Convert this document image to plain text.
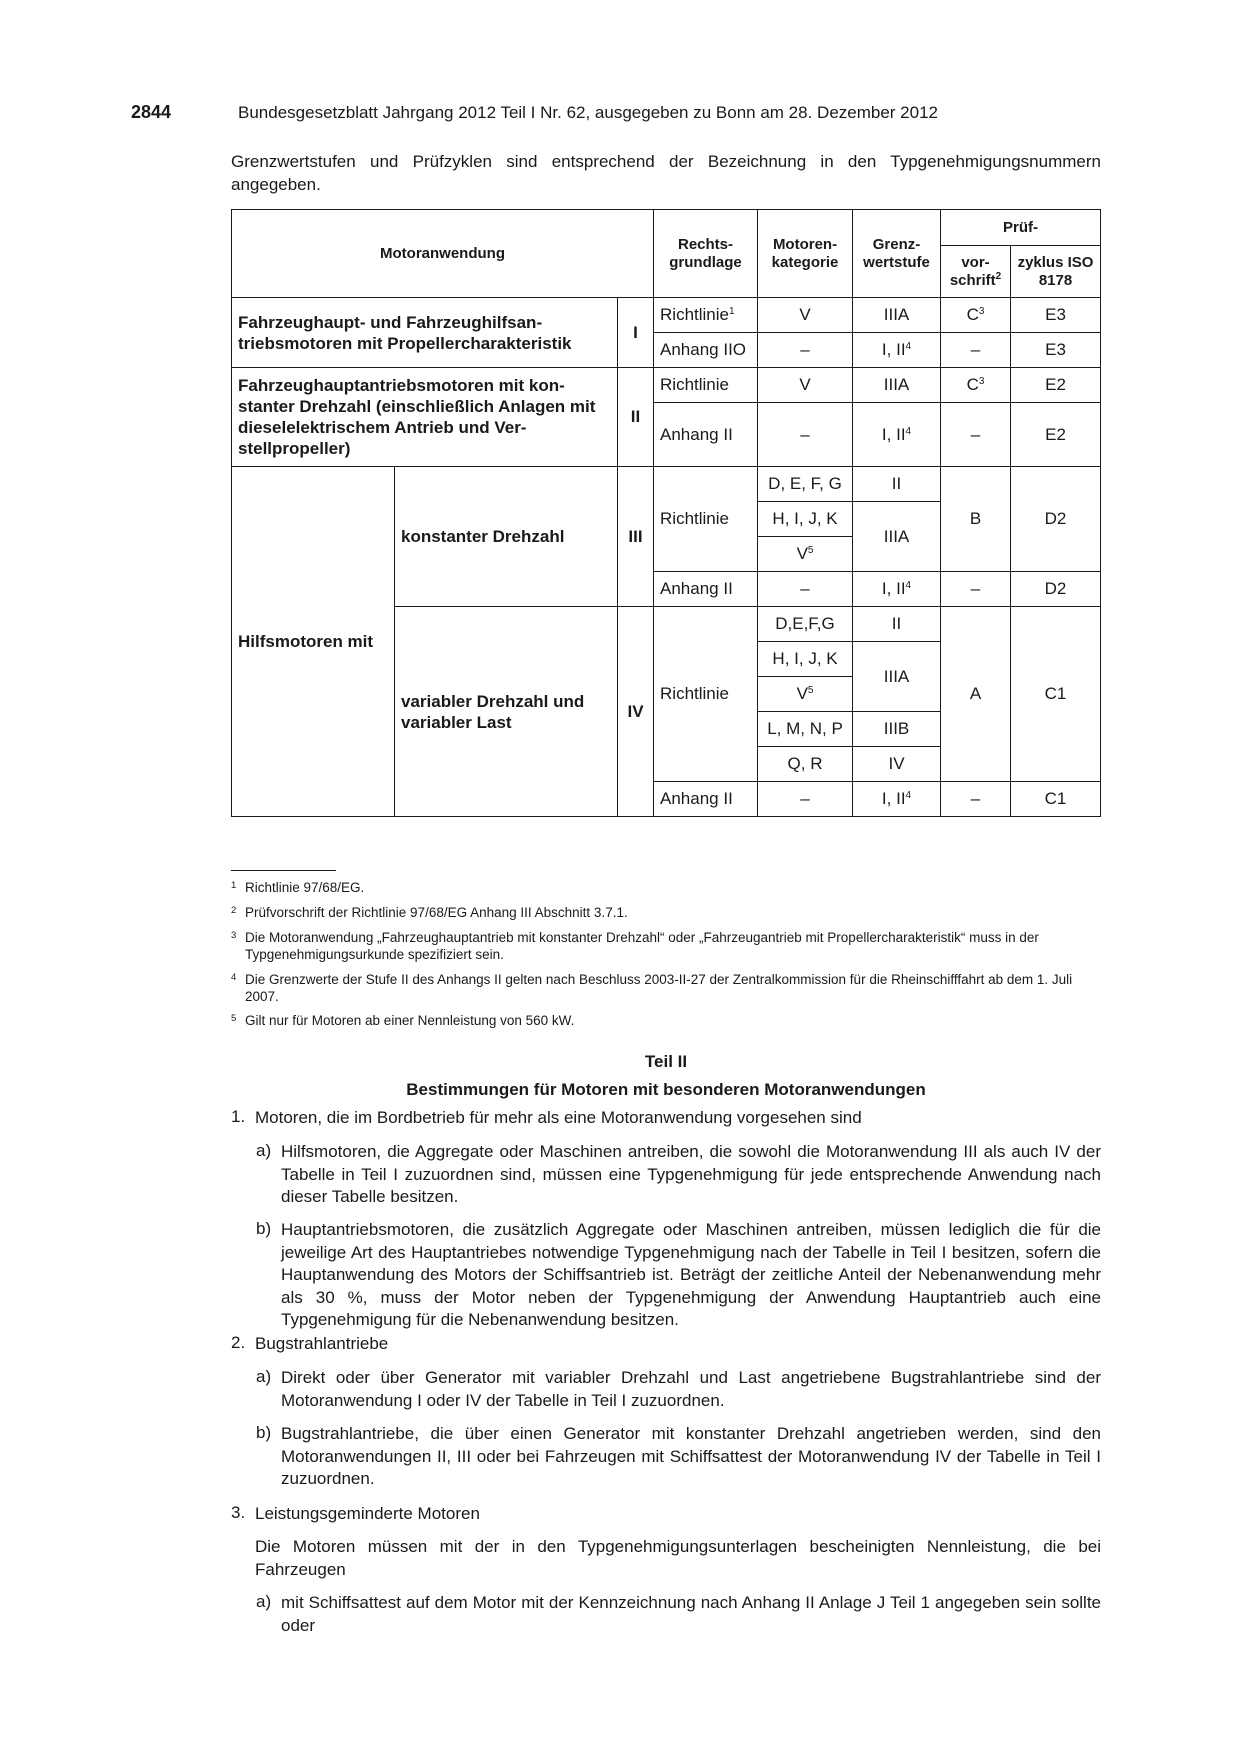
2844	Bundesgesetzblatt Jahrgang 2012 Teil I Nr. 62, ausgegeben zu Bonn am 28. Dezember 2012
Grenzwertstufen und Prüfzyklen sind entsprechend der Bezeichnung in den Typgenehmigungsnummern angegeben.
Motoranwendung			Rechts- grundlage	Motoren- kategorie	Grenz- wertstufe	Prüf-	
						vor- schrift$^2$	zyklus ISO 8178
Fahrzeughaupt- und Fahrzeughilfsan- triebsmotoren mit Propellercharakteristik		I	Richtlinie$^1$	V	IIIA	$C^3$	E3
			Anhang IIO	–	I, $II^4$	–	E3
Fahrzeughauptantriebsmotoren mit kon- stanter Drehzahl (einschließlich Anlagen mit dieselelektrischem Antrieb und Ver- stellpropeller)		II	Richtlinie	V	IIIA	$C^3$	E2
			Anhang II	–	I, $II^4$	–	E2
Hilfsmotoren mit	konstanter Drehzahl	III	Richtlinie	D, E, F, G	II	B	D2
				H, I, J, K	IIIA		
				$V^5$
			Anhang II	–	I, $II^4$	–	D2
	variabler Drehzahl und variabler Last	IV	Richtlinie	D,E,F,G	II	A	C1
				H, I, J, K	IIIA		
				$V^5$
				L, M, N, P	IIIB		
				Q, R	IV		
			Anhang II	–	I, $II^4$	–	C1
1 Richtlinie 97/68/EG.
2 Prüfvorschrift der Richtlinie 97/68/EG Anhang III Abschnitt 3.7.1.
3 Die Motoranwendung „Fahrzeughauptantrieb mit konstanter Drehzahl“ oder „Fahrzeugantrieb mit Propellercharakteristik“ muss in der Typgenehmigungsurkunde spezifiziert sein.
4 Die Grenzwerte der Stufe II des Anhangs II gelten nach Beschluss 2003-II-27 der Zentralkommission für die Rheinschifffahrt ab dem 1. Juli 2007.
5 Gilt nur für Motoren ab einer Nennleistung von 560 kW.
Teil II
Bestimmungen für Motoren mit besonderen Motoranwendungen
1. Motoren, die im Bordbetrieb für mehr als eine Motoranwendung vorgesehen sind
a) Hilfsmotoren, die Aggregate oder Maschinen antreiben, die sowohl die Motoranwendung III als auch IV der Tabelle in Teil I zuzuordnen sind, müssen eine Typgenehmigung für jede entsprechende Anwendung nach dieser Tabelle besitzen.
b) Hauptantriebsmotoren, die zusätzlich Aggregate oder Maschinen antreiben, müssen lediglich die für die jeweilige Art des Hauptantriebes notwendige Typgenehmigung nach der Tabelle in Teil I besitzen, sofern die Hauptanwendung des Motors der Schiffsantrieb ist. Beträgt der zeitliche Anteil der Nebenanwendung mehr als 30 %, muss der Motor neben der Typgenehmigung der Anwendung Hauptantrieb auch eine Typgenehmigung für die Nebenanwendung besitzen.
2. Bugstrahlantriebe
a) Direkt oder über Generator mit variabler Drehzahl und Last angetriebene Bugstrahlantriebe sind der Motoranwendung I oder IV der Tabelle in Teil I zuzuordnen.
b) Bugstrahlantriebe, die über einen Generator mit konstanter Drehzahl angetrieben werden, sind den Motoranwendungen II, III oder bei Fahrzeugen mit Schiffsattest der Motoranwendung IV der Tabelle in Teil I zuzuordnen.
3. Leistungsgeminderte Motoren
Die Motoren müssen mit der in den Typgenehmigungsunterlagen bescheinigten Nennleistung, die bei Fahrzeugen
a) mit Schiffsattest auf dem Motor mit der Kennzeichnung nach Anhang II Anlage J Teil 1 angegeben sein sollte oder
